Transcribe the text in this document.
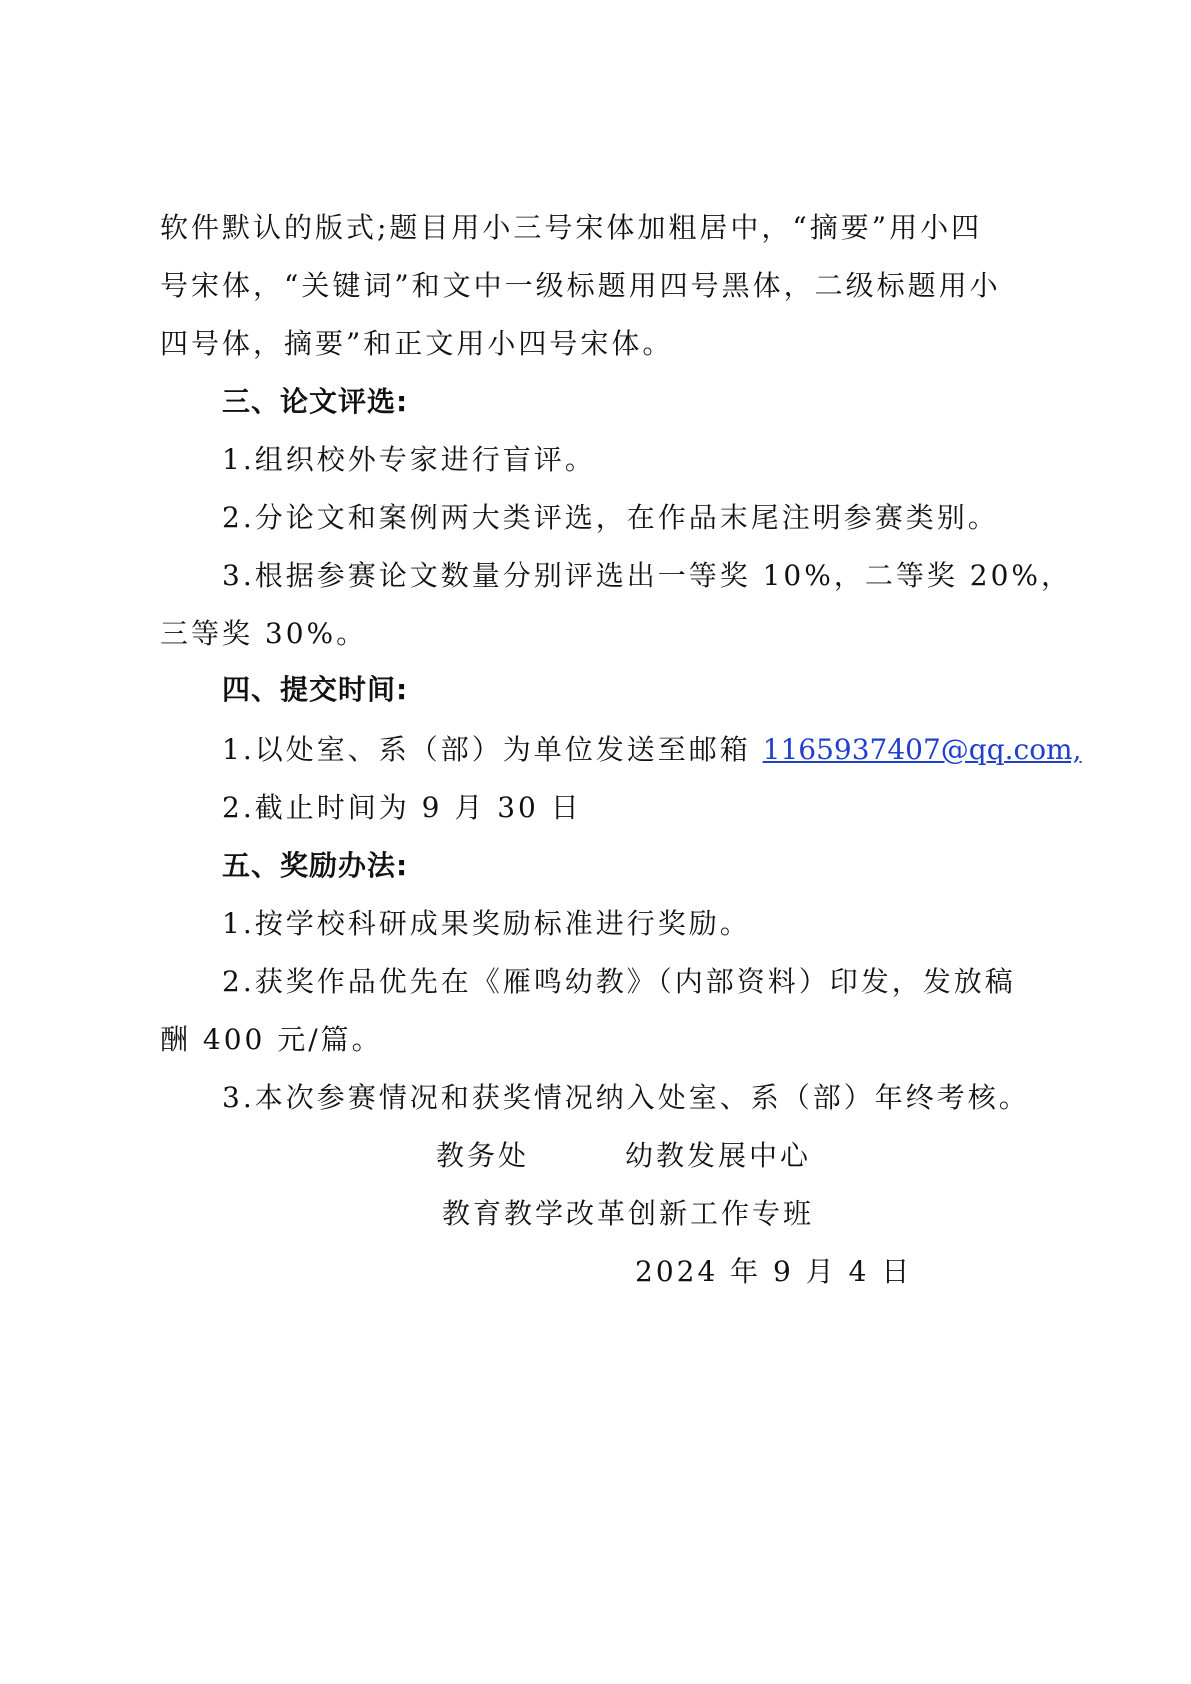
软件默认的版式;题目用小三号宋体加粗居中，“摘要”用小四
号宋体，“关键词”和文中一级标题用四号黑体，二级标题用小
四号体，摘要”和正文用小四号宋体。
三、论文评选:
1.组织校外专家进行盲评。
2.分论文和案例两大类评选，在作品末尾注明参赛类别。
3.根据参赛论文数量分别评选出一等奖 10%，二等奖 20%，
三等奖 30%。
四、提交时间:
1.以处室、系（部）为单位发送至邮箱 1165937407@qq.com,
2.截止时间为 9 月 30 日
五、奖励办法:
1.按学校科研成果奖励标准进行奖励。
2.获奖作品优先在《雁鸣幼教》（内部资料）印发，发放稿
酬 400 元/篇。
3.本次参赛情况和获奖情况纳入处室、系（部）年终考核。
教务处	幼教发展中心
教育教学改革创新工作专班
2024 年 9 月 4 日
